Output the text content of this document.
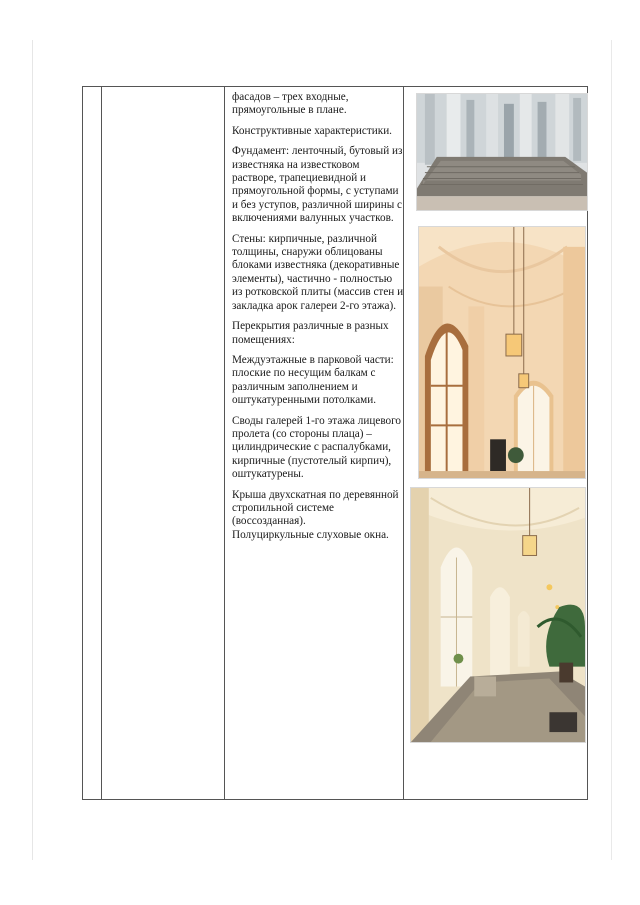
фасадов – трех входные, прямоугольные в плане.

Конструктивные характеристики.

Фундамент: ленточный, бутовый из известняка на известковом растворе, трапециевидной и прямоугольной формы, с уступами и без уступов, различной ширины с включениями валунных участков.

Стены: кирпичные, различной толщины, снаружи облицованы блоками известняка (декоративные элементы), частично - полностью из ротковской плиты (массив стен и закладка арок галереи 2-го этажа).

Перекрытия различные в разных помещениях:

Междуэтажные в парковой части: плоские по несущим балкам с различным заполнением и оштукатуренными потолками.

Своды галерей 1-го этажа лицевого пролета (со стороны плаца) – цилиндрические с распалубками, кирпичные (пустотелый кирпич), оштукатурены.

Крыша двухскатная по деревянной стропильной системе (воссозданная).

Полуциркульные слуховые окна.
